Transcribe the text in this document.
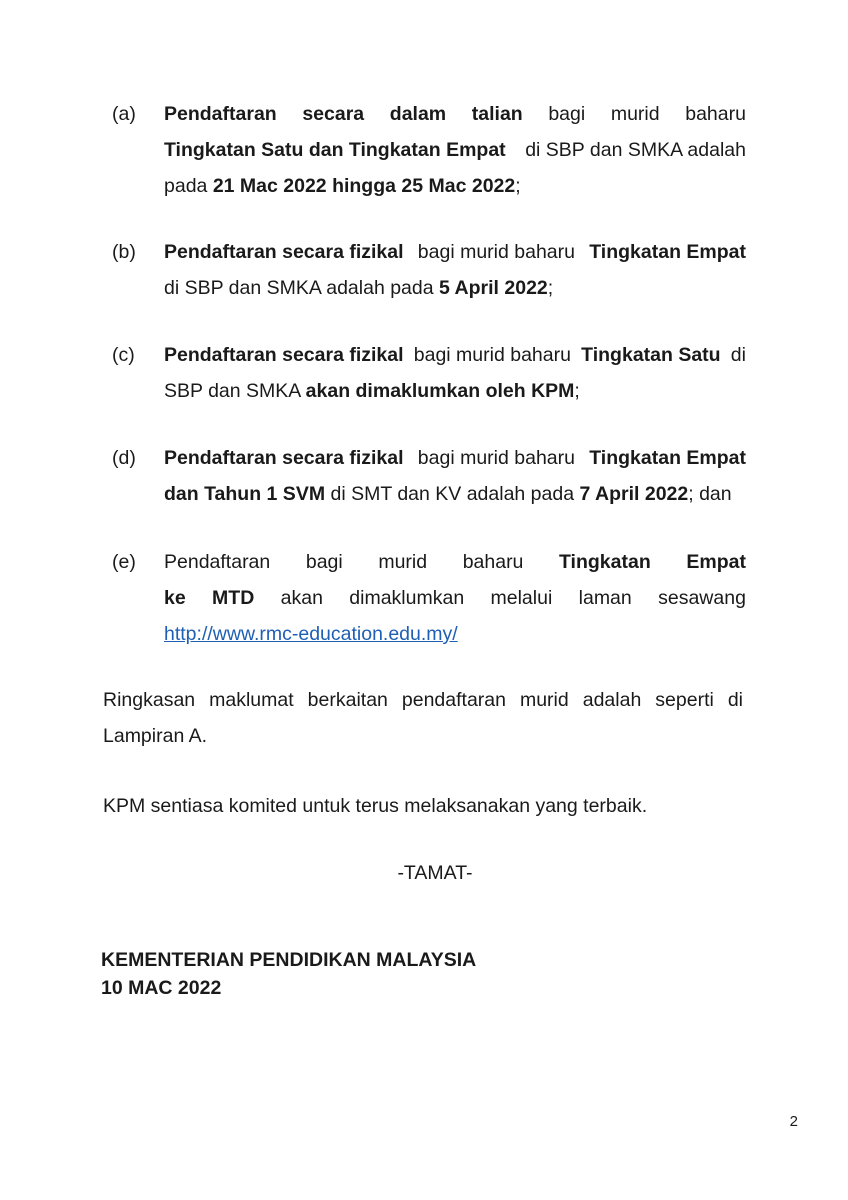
(a) Pendaftaran secara dalam talian bagi murid baharu
Tingkatan Satu dan Tingkatan Empat di SBP dan SMKA adalah
pada 21 Mac 2022 hingga 25 Mac 2022;
(b) Pendaftaran secara fizikal bagi murid baharu Tingkatan Empat
di SBP dan SMKA adalah pada 5 April 2022;
(c) Pendaftaran secara fizikal bagi murid baharu Tingkatan Satu di
SBP dan SMKA akan dimaklumkan oleh KPM;
(d) Pendaftaran secara fizikal bagi murid baharu Tingkatan Empat
dan Tahun 1 SVM di SMT dan KV adalah pada 7 April 2022; dan
(e) Pendaftaran bagi murid baharu Tingkatan Empat
ke MTD akan dimaklumkan melalui laman sesawang
http://www.rmc-education.edu.my/
Ringkasan maklumat berkaitan pendaftaran murid adalah seperti di
Lampiran A.
KPM sentiasa komited untuk terus melaksanakan yang terbaik.
-TAMAT-
KEMENTERIAN PENDIDIKAN MALAYSIA
10 MAC 2022
2
